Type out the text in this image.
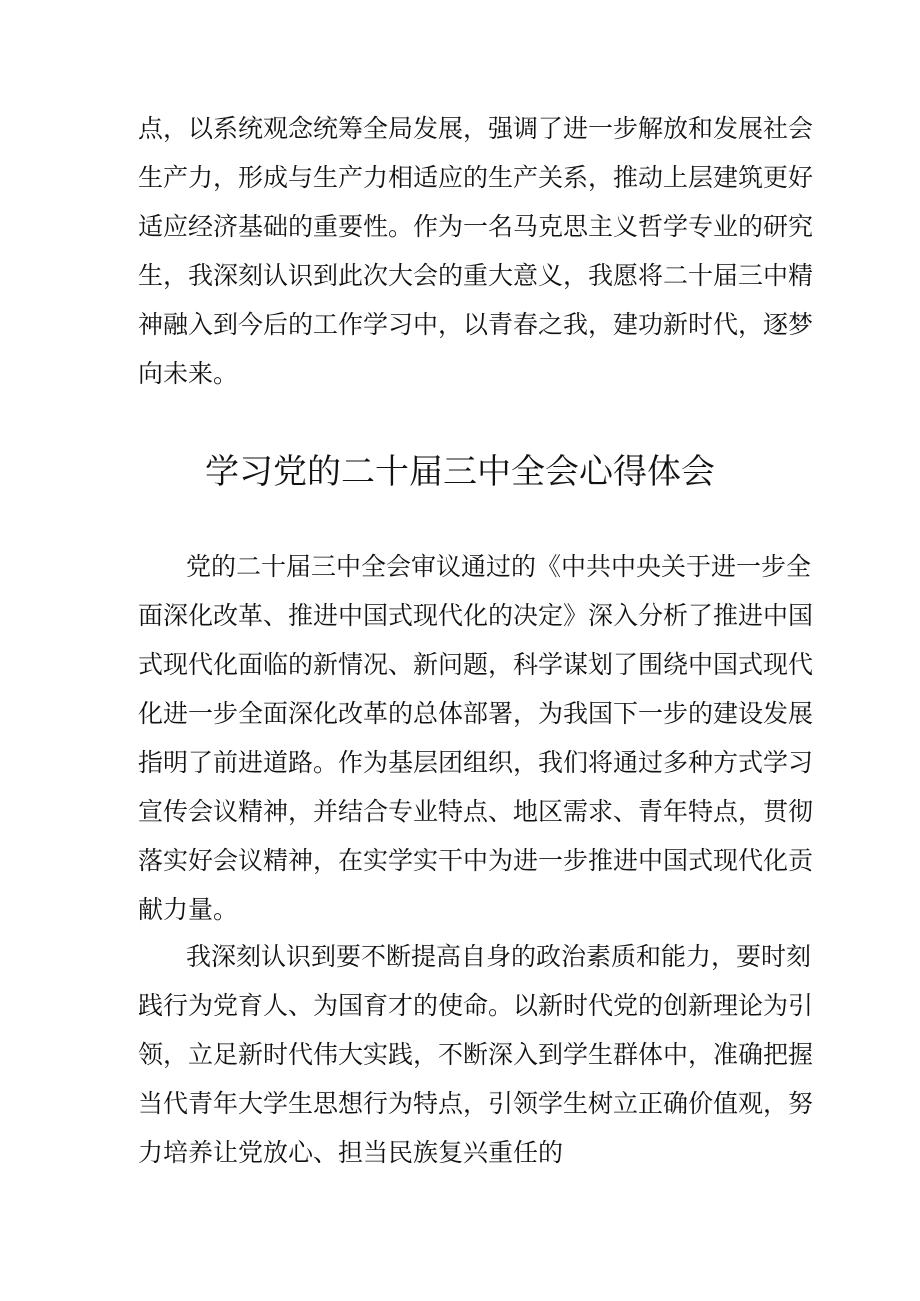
点，以系统观念统筹全局发展，强调了进一步解放和发展社会
生产力，形成与生产力相适应的生产关系，推动上层建筑更好
适应经济基础的重要性。作为一名马克思主义哲学专业的研究
生，我深刻认识到此次大会的重大意义，我愿将二十届三中精
神融入到今后的工作学习中，以青春之我，建功新时代，逐梦
向未来。
学习党的二十届三中全会心得体会
党的二十届三中全会审议通过的《中共中央关于进一步全
面深化改革、推进中国式现代化的决定》深入分析了推进中国
式现代化面临的新情况、新问题，科学谋划了围绕中国式现代
化进一步全面深化改革的总体部署，为我国下一步的建设发展
指明了前进道路。作为基层团组织，我们将通过多种方式学习
宣传会议精神，并结合专业特点、地区需求、青年特点，贯彻
落实好会议精神，在实学实干中为进一步推进中国式现代化贡
献力量。
我深刻认识到要不断提高自身的政治素质和能力，要时刻
践行为党育人、为国育才的使命。以新时代党的创新理论为引
领，立足新时代伟大实践，不断深入到学生群体中，准确把握
当代青年大学生思想行为特点，引领学生树立正确价值观，努
力培养让党放心、担当民族复兴重任的
